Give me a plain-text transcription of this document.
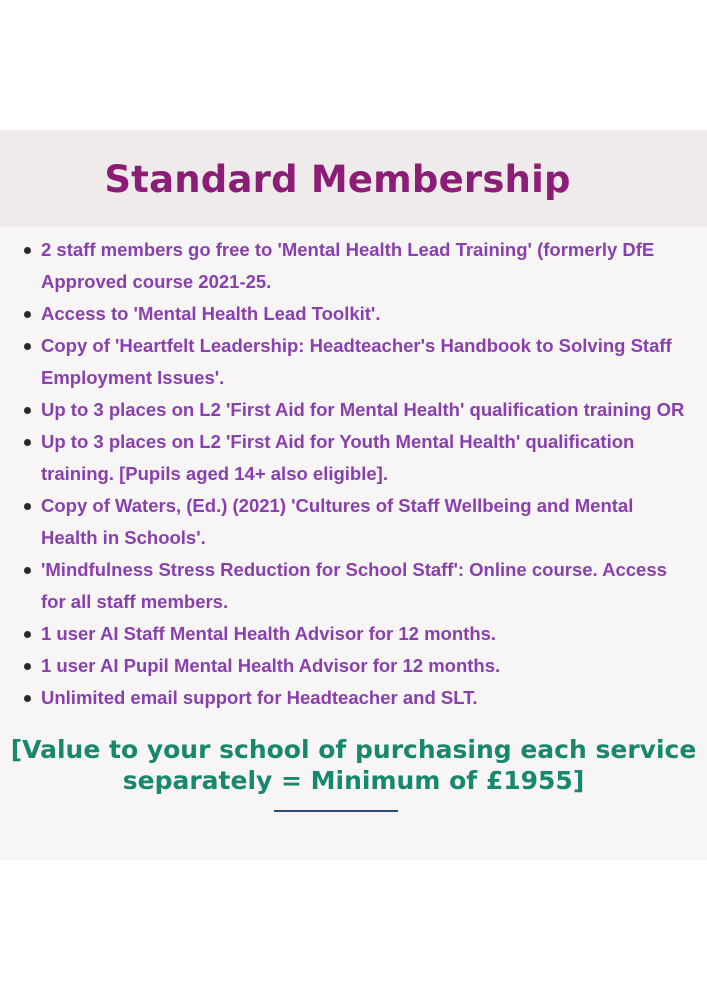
Standard Membership
2 staff members go free to 'Mental Health Lead Training' (formerly DfE Approved course 2021-25.
Access to 'Mental Health Lead Toolkit'.
Copy of 'Heartfelt Leadership: Headteacher's Handbook to Solving Staff Employment Issues'.
Up to 3 places on L2 'First Aid for Mental Health' qualification training OR
Up to 3 places on L2 'First Aid for Youth Mental Health' qualification training. [Pupils aged 14+ also eligible].
Copy of Waters, (Ed.) (2021) 'Cultures of Staff Wellbeing and Mental Health in Schools'.
'Mindfulness Stress Reduction for School Staff': Online course. Access for all staff members.
1 user AI Staff Mental Health Advisor for 12 months.
1 user AI Pupil Mental Health Advisor for 12 months.
Unlimited email support for Headteacher and SLT.

[Value to your school of purchasing each service
separately = Minimum of £1955]
